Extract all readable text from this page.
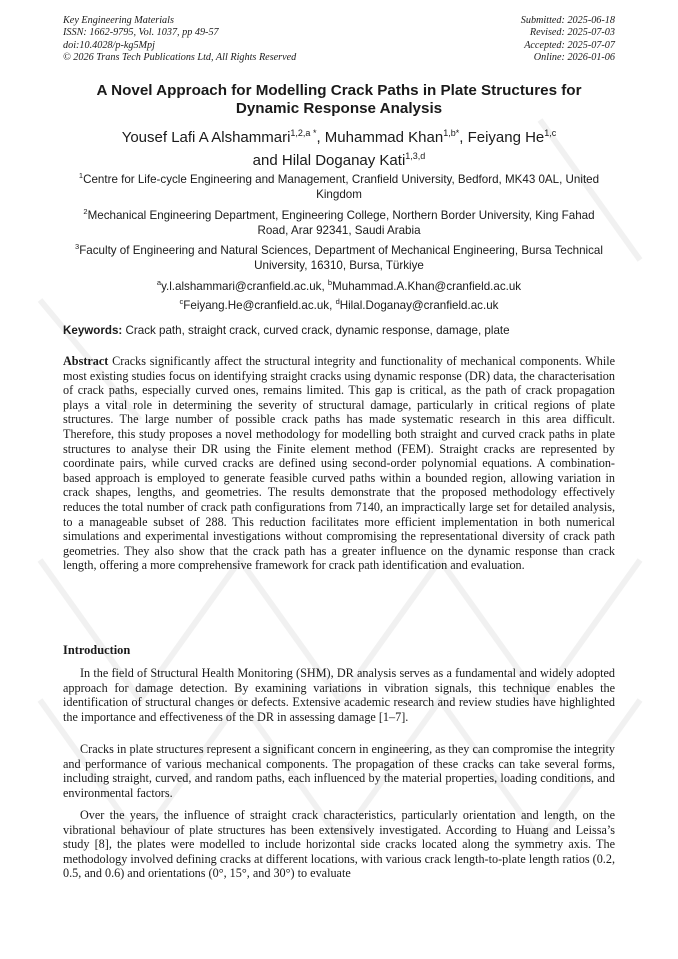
Key Engineering Materials
ISSN: 1662-9795, Vol. 1037, pp 49-57
doi:10.4028/p-kg5Mpj
© 2026 Trans Tech Publications Ltd, All Rights Reserved
Submitted: 2025-06-18
Revised: 2025-07-03
Accepted: 2025-07-07
Online: 2026-01-06
A Novel Approach for Modelling Crack Paths in Plate Structures for Dynamic Response Analysis
Yousef Lafi A Alshammari$^{1,2,a *}$, Muhammad Khan$^{1,b*}$, Feiyang He$^{1,c}$
and Hilal Doganay Kati$^{1,3,d}$
$^1$Centre for Life-cycle Engineering and Management, Cranfield University, Bedford, MK43 0AL, United Kingdom
$^2$Mechanical Engineering Department, Engineering College, Northern Border University, King Fahad Road, Arar 92341, Saudi Arabia
$^3$Faculty of Engineering and Natural Sciences, Department of Mechanical Engineering, Bursa Technical University, 16310, Bursa, Türkiye
$^a$y.l.alshammari@cranfield.ac.uk, $^b$Muhammad.A.Khan@cranfield.ac.uk
$^c$Feiyang.He@cranfield.ac.uk, $^d$Hilal.Doganay@cranfield.ac.uk
Keywords: Crack path, straight crack, curved crack, dynamic response, damage, plate

Abstract Cracks significantly affect the structural integrity and functionality of mechanical components. While most existing studies focus on identifying straight cracks using dynamic response (DR) data, the characterisation of crack paths, especially curved ones, remains limited. This gap is critical, as the path of crack propagation plays a vital role in determining the severity of structural damage, particularly in critical regions of plate structures. The large number of possible crack paths has made systematic research in this area difficult. Therefore, this study proposes a novel methodology for modelling both straight and curved crack paths in plate structures to analyse their DR using the Finite element method (FEM). Straight cracks are represented by coordinate pairs, while curved cracks are defined using second-order polynomial equations. A combination-based approach is employed to generate feasible curved paths within a bounded region, allowing variation in crack shapes, lengths, and geometries. The results demonstrate that the proposed methodology effectively reduces the total number of crack path configurations from 7140, an impractically large set for detailed analysis, to a manageable subset of 288. This reduction facilitates more efficient implementation in both numerical simulations and experimental investigations without compromising the representational diversity of crack path geometries. They also show that the crack path has a greater influence on the dynamic response than crack length, offering a more comprehensive framework for crack path identification and evaluation.

Introduction

In the field of Structural Health Monitoring (SHM), DR analysis serves as a fundamental and widely adopted approach for damage detection. By examining variations in vibration signals, this technique enables the identification of structural changes or defects. Extensive academic research and review studies have highlighted the importance and effectiveness of the DR in assessing damage [1–7].

Cracks in plate structures represent a significant concern in engineering, as they can compromise the integrity and performance of various mechanical components. The propagation of these cracks can take several forms, including straight, curved, and random paths, each influenced by the material properties, loading conditions, and environmental factors.

Over the years, the influence of straight crack characteristics, particularly orientation and length, on the vibrational behaviour of plate structures has been extensively investigated. According to Huang and Leissa’s study [8], the plates were modelled to include horizontal side cracks located along the symmetry axis. The methodology involved defining cracks at different locations, with various crack length-to-plate length ratios (0.2, 0.5, and 0.6) and orientations (0°, 15°, and 30°) to evaluate
